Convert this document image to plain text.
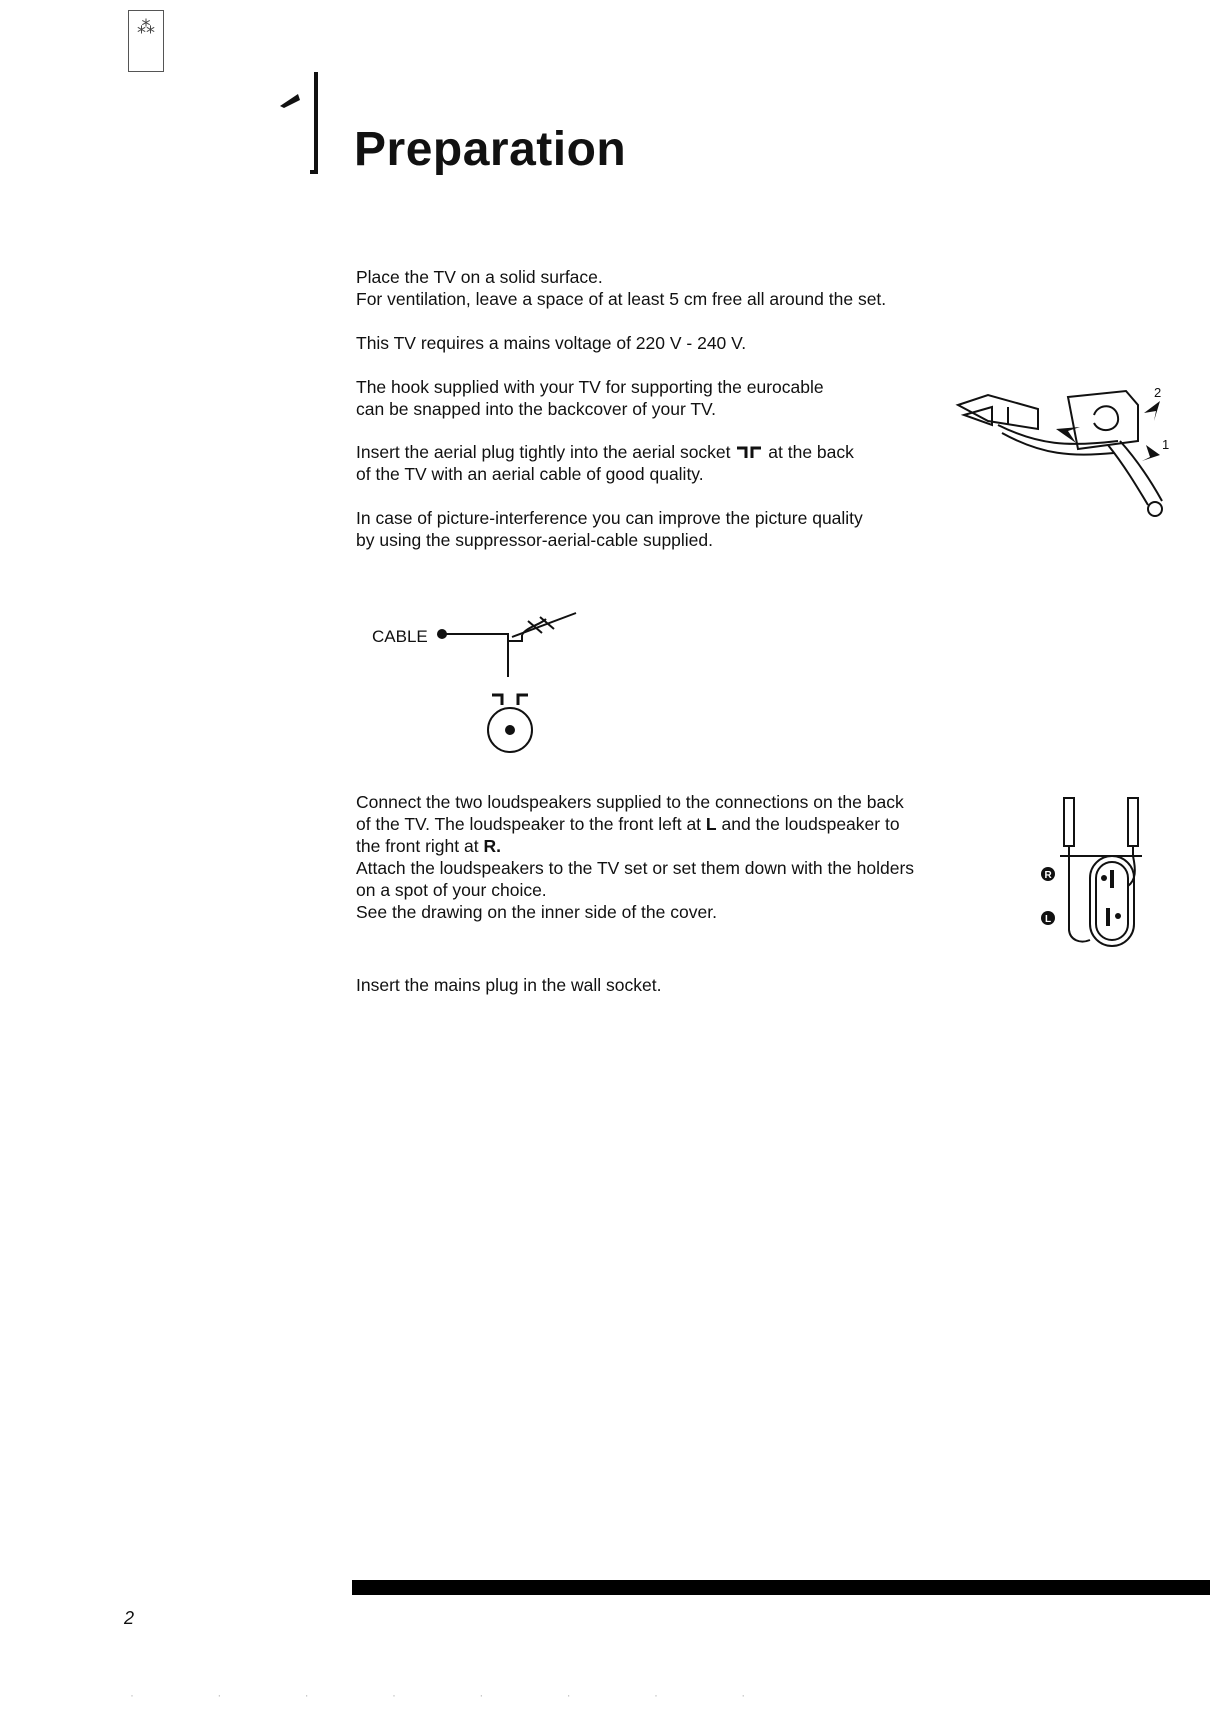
⁂
Preparation

Place the TV on a solid surface.
For ventilation, leave a space of at least 5 cm free all around the set.

This TV requires a mains voltage of 220 V - 240 V.

The hook supplied with your TV for supporting the eurocable
can be snapped into the backcover of your TV.

Insert the aerial plug tightly into the aerial socket at the back
of the TV with an aerial cable of good quality.

In case of picture-interference you can improve the picture quality
by using the suppressor-aerial-cable supplied.

2
1
CABLE

Connect the two loudspeakers supplied to the connections on the back
of the TV. The loudspeaker to the front left at L and the loudspeaker to
the front right at R.
Attach the loudspeakers to the TV set or set them down with the holders
on a spot of your choice.
See the drawing on the inner side of the cover.

R
L

Insert the mains plug in the wall socket.

2
· · · · · · · ·
